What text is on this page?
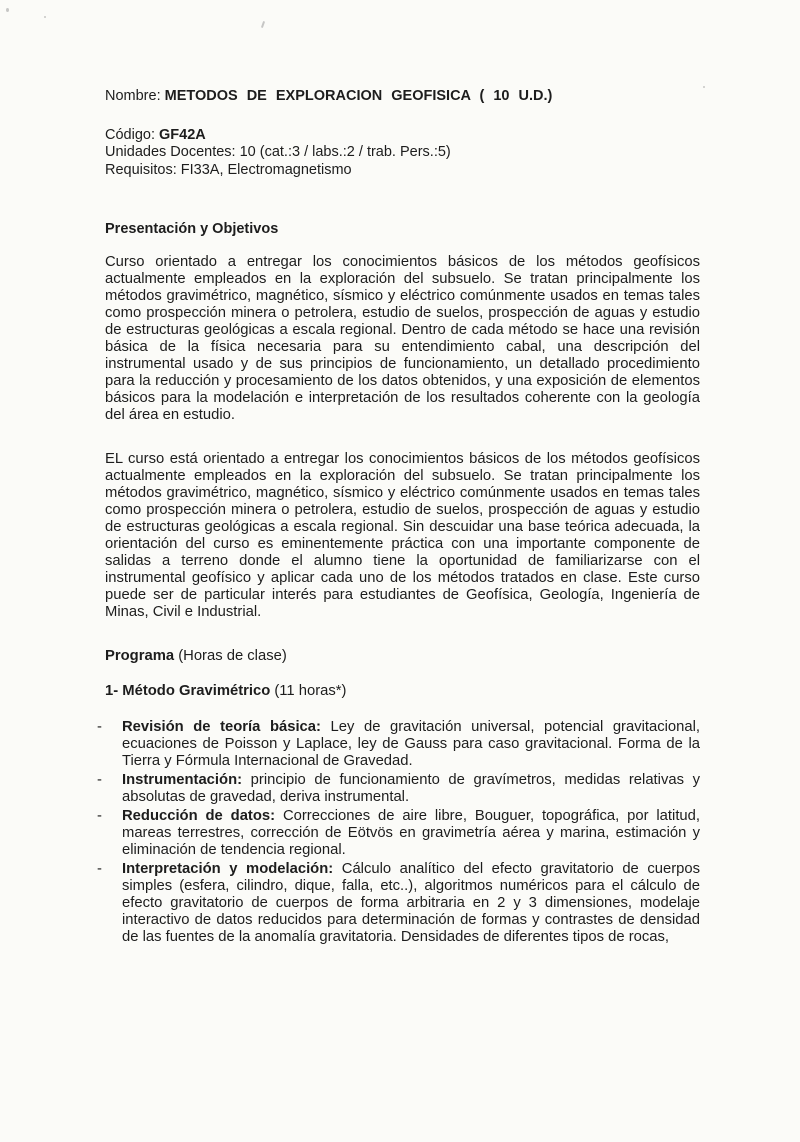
Nombre: METODOS DE EXPLORACION GEOFISICA ( 10 U.D.)

Código: GF42A

Unidades Docentes: 10 (cat.:3 / labs.:2 / trab. Pers.:5)

Requisitos: FI33A, Electromagnetismo

Presentación y Objetivos

Curso orientado a entregar los conocimientos básicos de los métodos geofísicos actualmente empleados en la exploración del subsuelo. Se tratan principalmente los métodos gravimétrico, magnético, sísmico y eléctrico comúnmente usados en temas tales como prospección minera o petrolera, estudio de suelos, prospección de aguas y estudio de estructuras geológicas a escala regional. Dentro de cada método se hace una revisión básica de la física necesaria para su entendimiento cabal, una descripción del instrumental usado y de sus principios de funcionamiento, un detallado procedimiento para la reducción y procesamiento de los datos obtenidos, y una exposición de elementos básicos para la modelación e interpretación de los resultados coherente con la geología del área en estudio.

EL curso está orientado a entregar los conocimientos básicos de los métodos geofísicos actualmente empleados en la exploración del subsuelo. Se tratan principalmente los métodos gravimétrico, magnético, sísmico y eléctrico comúnmente usados en temas tales como prospección minera o petrolera, estudio de suelos, prospección de aguas y estudio de estructuras geológicas a escala regional. Sin descuidar una base teórica adecuada, la orientación del curso es eminentemente práctica con una importante componente de salidas a terreno donde el alumno tiene la oportunidad de familiarizarse con el instrumental geofísico y aplicar cada uno de los métodos tratados en clase. Este curso puede ser de particular interés para estudiantes de Geofísica, Geología, Ingeniería de Minas, Civil e Industrial.

Programa (Horas de clase)

1- Método Gravimétrico (11 horas*)

-	Revisión de teoría básica: Ley de gravitación universal, potencial gravitacional, ecuaciones de Poisson y Laplace, ley de Gauss para caso gravitacional. Forma de la Tierra y Fórmula Internacional de Gravedad.

-	Instrumentación: principio de funcionamiento de gravímetros, medidas relativas y absolutas de gravedad, deriva instrumental.

-	Reducción de datos: Correcciones de aire libre, Bouguer, topográfica, por latitud, mareas terrestres, corrección de Eötvös en gravimetría aérea y marina, estimación y eliminación de tendencia regional.

-	Interpretación y modelación: Cálculo analítico del efecto gravitatorio de cuerpos simples (esfera, cilindro, dique, falla, etc..), algoritmos numéricos para el cálculo de efecto gravitatorio de cuerpos de forma arbitraria en 2 y 3 dimensiones, modelaje interactivo de datos reducidos para determinación de formas y contrastes de densidad de las fuentes de la anomalía gravitatoria. Densidades de diferentes tipos de rocas,
